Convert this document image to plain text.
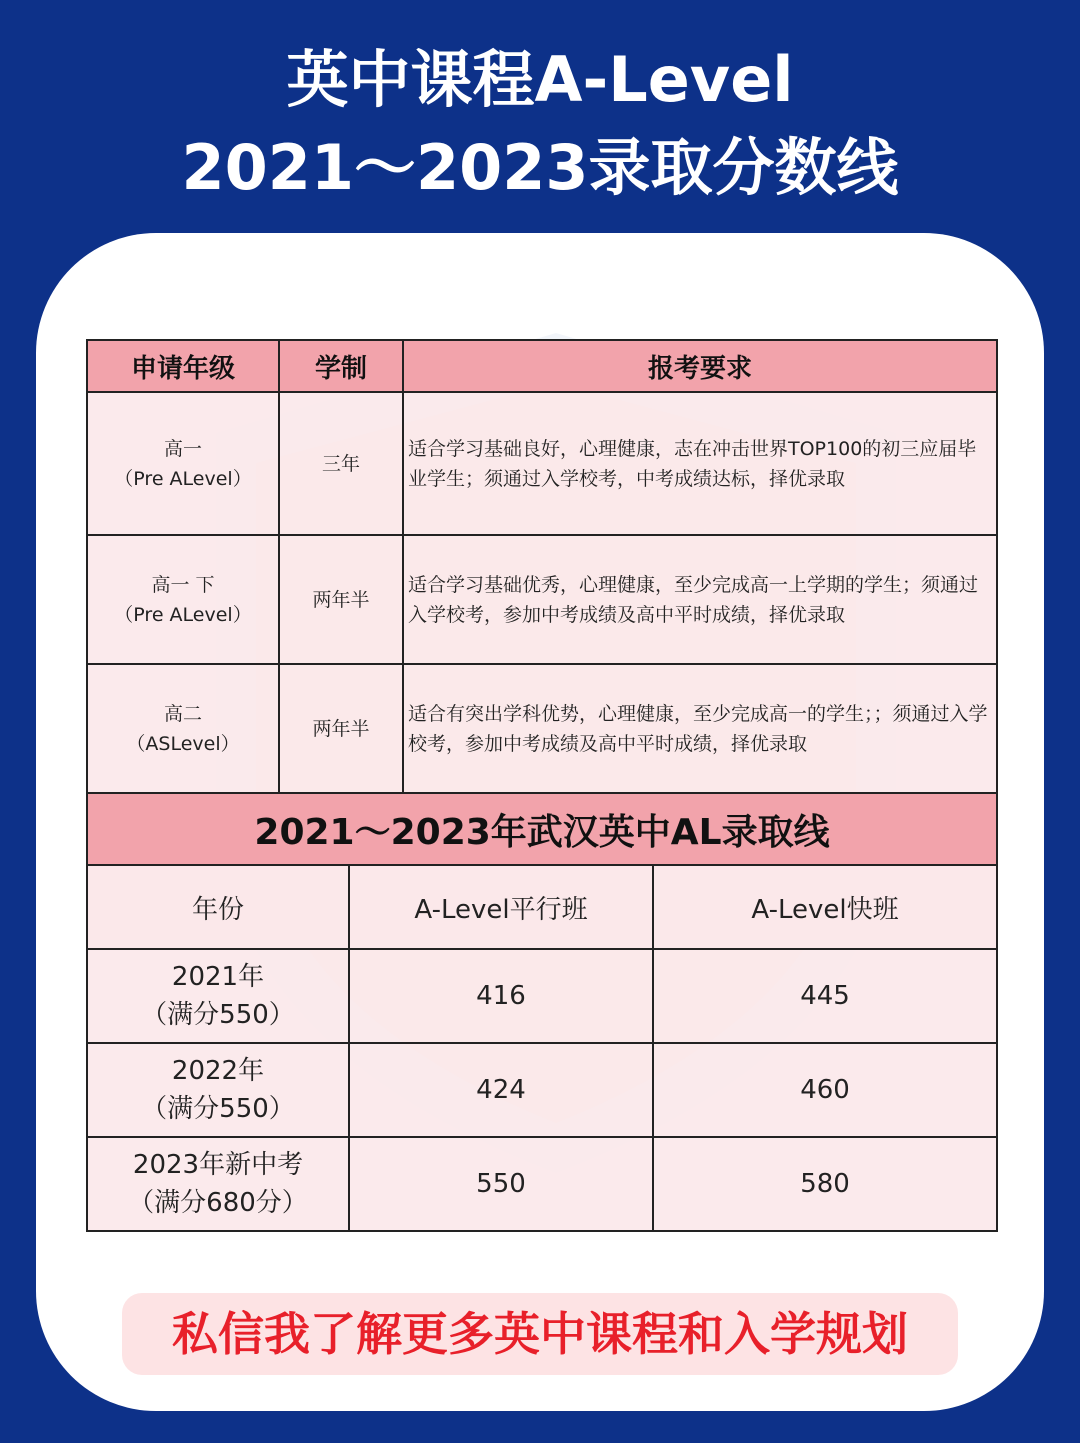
英中课程A-Level
2021～2023录取分数线
申请年级	学制	报考要求

高一
（Pre ALevel）	三年	适合学习基础良好，心理健康，志在冲击世界TOP100的初三应届毕业学生；须通过入学校考，中考成绩达标，择优录取

高一 下
（Pre ALevel）	两年半	适合学习基础优秀，心理健康，至少完成高一上学期的学生；须通过入学校考，参加中考成绩及高中平时成绩，择优录取

高二
（ASLevel）	两年半	适合有突出学科优势，心理健康，至少完成高一的学生；；须通过入学校考，参加中考成绩及高中平时成绩，择优录取
2021～2023年武汉英中AL录取线		
年份	A-Level平行班	A-Level快班

2021年
（满分550）	416	445

2022年
（满分550）	424	460

2023年新中考
（满分680分）	550	580
私信我了解更多英中课程和入学规划
